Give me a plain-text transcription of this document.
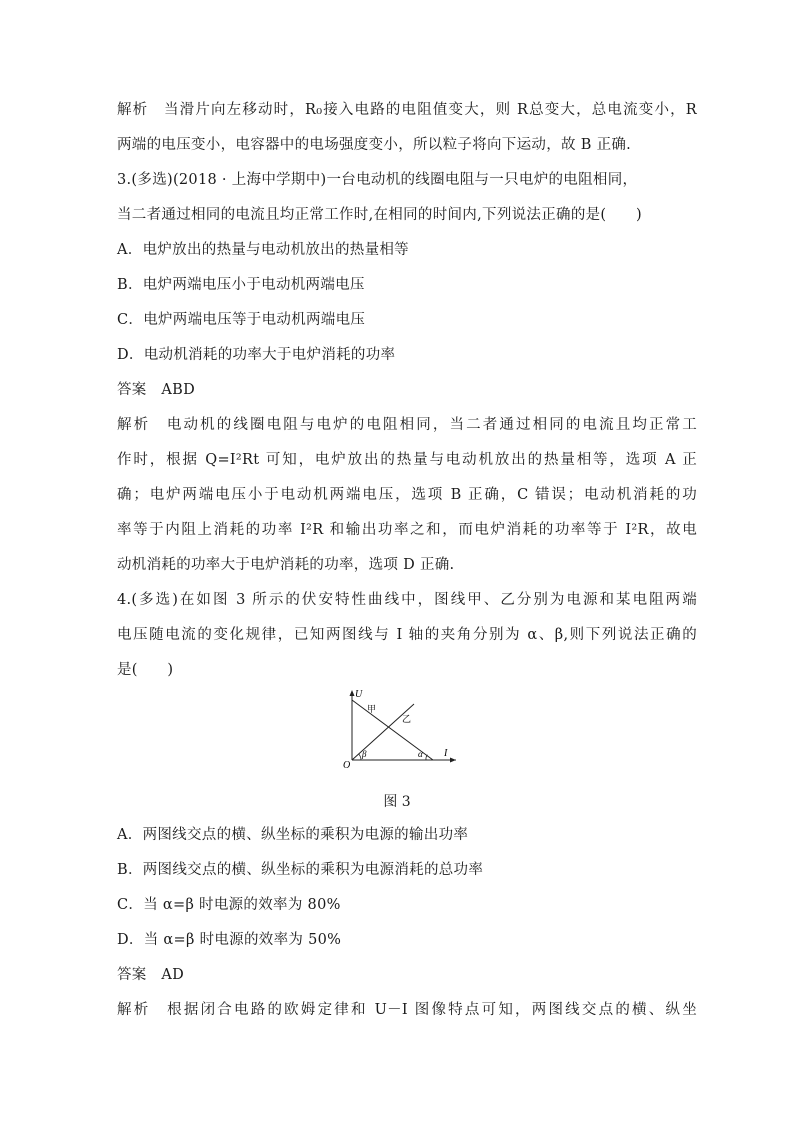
解析　当滑片向左移动时，R₀接入电路的电阻值变大，则 R总变大，总电流变小，R
两端的电压变小，电容器中的电场强度变小，所以粒子将向下运动，故 B 正确.
3.(多选)(2018 · 上海中学期中)一台电动机的线圈电阻与一只电炉的电阻相同，
当二者通过相同的电流且均正常工作时,在相同的时间内,下列说法正确的是(　　)
A．电炉放出的热量与电动机放出的热量相等
B．电炉两端电压小于电动机两端电压
C．电炉两端电压等于电动机两端电压
D．电动机消耗的功率大于电炉消耗的功率
答案　ABD
解析　电动机的线圈电阻与电炉的电阻相同，当二者通过相同的电流且均正常工
作时，根据 Q=I²Rt 可知，电炉放出的热量与电动机放出的热量相等，选项 A 正
确；电炉两端电压小于电动机两端电压，选项 B 正确，C 错误；电动机消耗的功
率等于内阻上消耗的功率 I²R 和输出功率之和，而电炉消耗的功率等于 I²R，故电
动机消耗的功率大于电炉消耗的功率，选项 D 正确.
4.(多选)在如图 3 所示的伏安特性曲线中，图线甲、乙分别为电源和某电阻两端
电压随电流的变化规律，已知两图线与 I 轴的夹角分别为 α、β,则下列说法正确的
是(　　)
U
I
O
甲
乙
β	α
图 3
A．两图线交点的横、纵坐标的乘积为电源的输出功率
B．两图线交点的横、纵坐标的乘积为电源消耗的总功率
C．当 α=β 时电源的效率为 80%
D．当 α=β 时电源的效率为 50%
答案　AD
解析　根据闭合电路的欧姆定律和 U－I 图像特点可知，两图线交点的横、纵坐
